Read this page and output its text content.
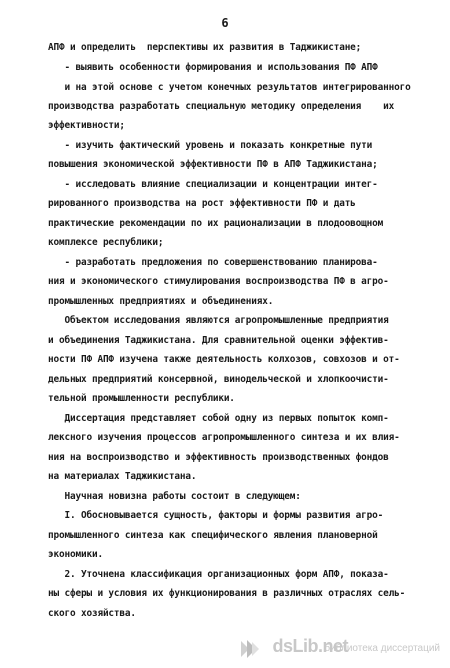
6
АПФ и определить  перспективы их развития в Таджикистане;
- выявить особенности формирования и использования ПФ АПФ
и на этой основе с учетом конечных результатов интегрированного
производства разработать специальную методику определения    их
эффективности;
- изучить фактический уровень и показать конкретные пути
повышения экономической эффективности ПФ в АПФ Таджикистана;
- исследовать влияние специализации и концентрации интег-
рированного производства на рост эффективности ПФ и дать
практические рекомендации по их рационализации в плодоовощном
комплексе республики;
- разработать предложения по совершенствованию планирова-
ния и экономического стимулирования воспроизводства ПФ в агро-
промышленных предприятиях и объединениях.
Объектом исследования являются агропромышленные предприятия
и объединения Таджикистана. Для сравнительной оценки эффектив-
ности ПФ АПФ изучена также деятельность колхозов, совхозов и от-
дельных предприятий консервной, винодельческой и хлопкоочисти-
тельной промышленности республики.
Диссертация представляет собой одну из первых попыток комп-
лексного изучения процессов агропромышленного синтеза и их влия-
ния на воспроизводство и эффективность производственных фондов
на материалах Таджикистана.
Научная новизна работы состоит в следующем:
I. Обосновывается сущность, факторы и формы развития агро-
промышленного синтеза как специфического явления плановерной
экономики.
2. Уточнена классификация организационных форм АПФ, показа-
ны сферы и условия их функционирования в различных отраслях сель-
ского хозяйства.
dsLib.net
библиотека диссертаций
